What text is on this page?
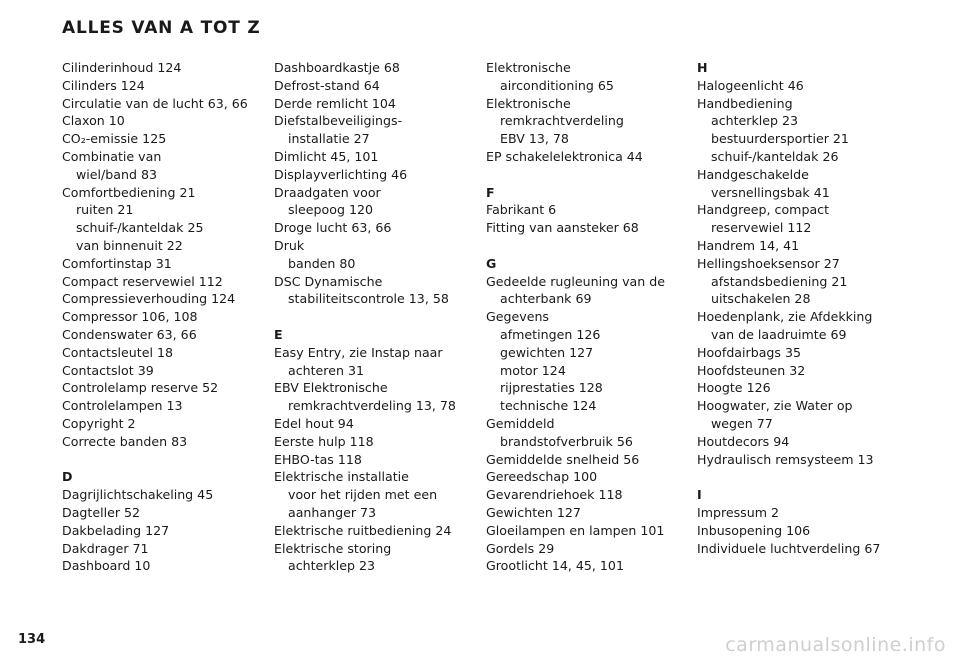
ALLES VAN A TOT Z
Cilinderinhoud 124
Cilinders 124
Circulatie van de lucht 63, 66
Claxon 10
CO₂-emissie 125
Combinatie van
wiel/band 83
Comfortbediening 21
ruiten 21
schuif-/kanteldak 25
van binnenuit 22
Comfortinstap 31
Compact reservewiel 112
Compressieverhouding 124
Compressor 106, 108
Condenswater 63, 66
Contactsleutel 18
Contactslot 39
Controlelamp reserve 52
Controlelampen 13
Copyright 2
Correcte banden 83
D
Dagrijlichtschakeling 45
Dagteller 52
Dakbelading 127
Dakdrager 71
Dashboard 10
Dashboardkastje 68
Defrost-stand 64
Derde remlicht 104
Diefstalbeveiligings-
installatie 27
Dimlicht 45, 101
Displayverlichting 46
Draadgaten voor
sleepoog 120
Droge lucht 63, 66
Druk
banden 80
DSC Dynamische
stabiliteitscontrole 13, 58
E
Easy Entry, zie Instap naar
achteren 31
EBV Elektronische
remkrachtverdeling 13, 78
Edel hout 94
Eerste hulp 118
EHBO-tas 118
Elektrische installatie
voor het rijden met een
aanhanger 73
Elektrische ruitbediening 24
Elektrische storing
achterklep 23
Elektronische
airconditioning 65
Elektronische
remkrachtverdeling
EBV 13, 78
EP schakelelektronica 44
F
Fabrikant 6
Fitting van aansteker 68
G
Gedeelde rugleuning van de
achterbank 69
Gegevens
afmetingen 126
gewichten 127
motor 124
rijprestaties 128
technische 124
Gemiddeld
brandstofverbruik 56
Gemiddelde snelheid 56
Gereedschap 100
Gevarendriehoek 118
Gewichten 127
Gloeilampen en lampen 101
Gordels 29
Grootlicht 14, 45, 101
H
Halogeenlicht 46
Handbediening
achterklep 23
bestuurdersportier 21
schuif-/kanteldak 26
Handgeschakelde
versnellingsbak 41
Handgreep, compact
reservewiel 112
Handrem 14, 41
Hellingshoeksensor 27
afstandsbediening 21
uitschakelen 28
Hoedenplank, zie Afdekking
van de laadruimte 69
Hoofdairbags 35
Hoofdsteunen 32
Hoogte 126
Hoogwater, zie Water op
wegen 77
Houtdecors 94
Hydraulisch remsysteem 13
I
Impressum 2
Inbusopening 106
Individuele luchtverdeling 67
134	carmanualsonline.info
